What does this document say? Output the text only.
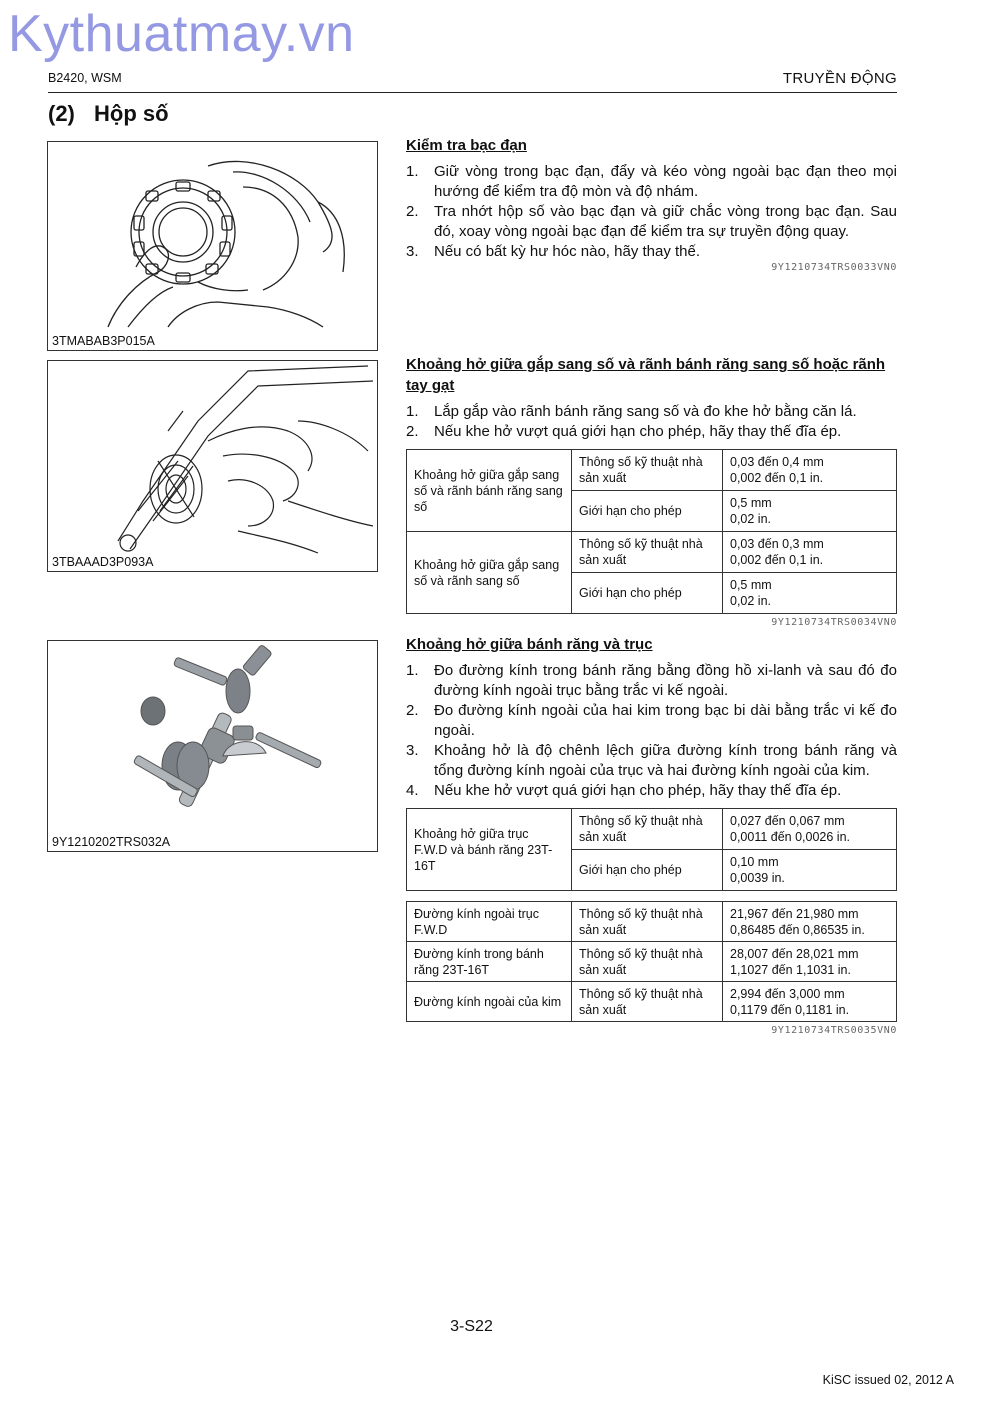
Kythuatmay.vn
B2420, WSM	TRUYỀN ĐỘNG
(2) Hộp số
3TMABAB3P015A
3TBAAAD3P093A
9Y1210202TRS032A
Kiểm tra bạc đạn
1. Giữ vòng trong bạc đạn, đẩy và kéo vòng ngoài bạc đạn theo mọi hướng để kiểm tra độ mòn và độ nhám.
2. Tra nhớt hộp số vào bạc đạn và giữ chắc vòng trong bạc đạn. Sau đó, xoay vòng ngoài bạc đạn để kiểm tra sự truyền động quay.
3. Nếu có bất kỳ hư hóc nào, hãy thay thế.
9Y1210734TRS0033VN0
Khoảng hở giữa gắp sang số và rãnh bánh răng sang số hoặc rãnh tay gạt
1. Lắp gắp vào rãnh bánh răng sang số và đo khe hở bằng căn lá.
2. Nếu khe hở vượt quá giới hạn cho phép, hãy thay thế đĩa ép.
Khoảng hở giữa gắp sang số và rãnh bánh răng sang số	Thông số kỹ thuật nhà sản xuất	0,03 đến 0,4 mm
0,002 đến 0,1 in.

	Giới hạn cho phép	0,5 mm
0,02 in.

Khoảng hở giữa gắp sang số và rãnh sang số	Thông số kỹ thuật nhà sản xuất	0,03 đến 0,3 mm
0,002 đến 0,1 in.

	Giới hạn cho phép	0,5 mm
0,02 in.
9Y1210734TRS0034VN0
Khoảng hở giữa bánh răng và trục
1. Đo đường kính trong bánh răng bằng đồng hồ xi-lanh và sau đó đo đường kính ngoài trục bằng trắc vi kế ngoài.
2. Đo đường kính ngoài của hai kim trong bạc bi dài bằng trắc vi kế đo ngoài.
3. Khoảng hở là độ chênh lệch giữa đường kính trong bánh răng và tổng đường kính ngoài của trục và hai đường kính ngoài của kim.
4. Nếu khe hở vượt quá giới hạn cho phép, hãy thay thế đĩa ép.
Khoảng hở giữa trục F.W.D và bánh răng 23T-16T	Thông số kỹ thuật nhà sản xuất	0,027 đến 0,067 mm
0,0011 đến 0,0026 in.

	Giới hạn cho phép	0,10 mm
0,0039 in.
Đường kính ngoài trục F.W.D	Thông số kỹ thuật nhà sản xuất	21,967 đến 21,980 mm
0,86485 đến 0,86535 in.

Đường kính trong bánh răng 23T-16T	Thông số kỹ thuật nhà sản xuất	28,007 đến 28,021 mm
1,1027 đến 1,1031 in.

Đường kính ngoài của kim	Thông số kỹ thuật nhà sản xuất	2,994 đến 3,000 mm
0,1179 đến 0,1181 in.
9Y1210734TRS0035VN0
3-S22
KiSC issued 02, 2012 A
